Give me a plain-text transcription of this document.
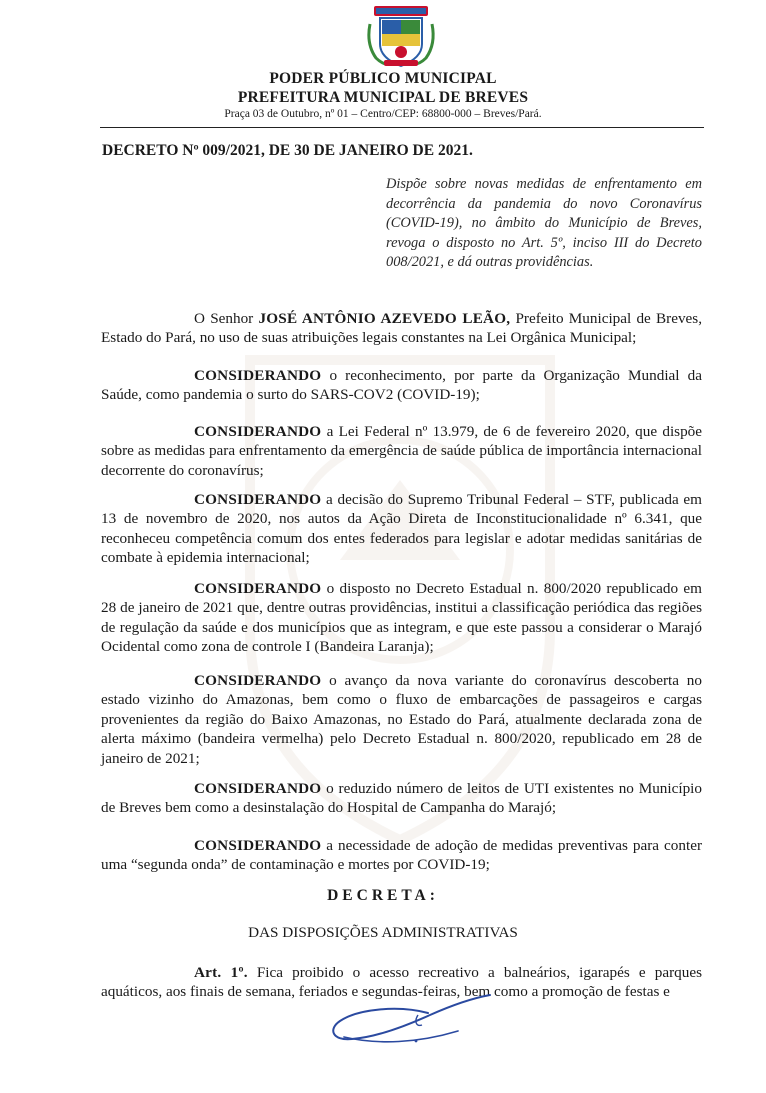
PODER PÚBLICO MUNICIPAL
PREFEITURA MUNICIPAL DE BREVES
Praça 03 de Outubro, nº 01 – Centro/CEP: 68800-000 – Breves/Pará.
DECRETO Nº 009/2021, DE 30 DE JANEIRO DE 2021.
Dispõe sobre novas medidas de enfrentamento em decorrência da pandemia do novo Coronavírus (COVID-19), no âmbito do Município de Breves, revoga o disposto no Art. 5º, inciso III do Decreto 008/2021, e dá outras providências.
O Senhor JOSÉ ANTÔNIO AZEVEDO LEÃO, Prefeito Municipal de Breves, Estado do Pará, no uso de suas atribuições legais constantes na Lei Orgânica Municipal;
CONSIDERANDO o reconhecimento, por parte da Organização Mundial da Saúde, como pandemia o surto do SARS-COV2 (COVID-19);
CONSIDERANDO a Lei Federal nº 13.979, de 6 de fevereiro 2020, que dispõe sobre as medidas para enfrentamento da emergência de saúde pública de importância internacional decorrente do coronavírus;
CONSIDERANDO a decisão do Supremo Tribunal Federal – STF, publicada em 13 de novembro de 2020, nos autos da Ação Direta de Inconstitucionalidade nº 6.341, que reconheceu competência comum dos entes federados para legislar e adotar medidas sanitárias de combate à epidemia internacional;
CONSIDERANDO o disposto no Decreto Estadual n. 800/2020 republicado em 28 de janeiro de 2021 que, dentre outras providências, institui a classificação periódica das regiões de regulação da saúde e dos municípios que as integram, e que este passou a considerar o Marajó Ocidental como zona de controle I (Bandeira Laranja);
CONSIDERANDO o avanço da nova variante do coronavírus descoberta no estado vizinho do Amazonas, bem como o fluxo de embarcações de passageiros e cargas provenientes da região do Baixo Amazonas, no Estado do Pará, atualmente declarada zona de alerta máximo (bandeira vermelha) pelo Decreto Estadual n. 800/2020, republicado em 28 de janeiro de 2021;
CONSIDERANDO o reduzido número de leitos de UTI existentes no Município de Breves bem como a desinstalação do Hospital de Campanha do Marajó;
CONSIDERANDO a necessidade de adoção de medidas preventivas para conter uma “segunda onda” de contaminação e mortes por COVID-19;
DECRETA:
DAS DISPOSIÇÕES ADMINISTRATIVAS
Art. 1º. Fica proibido o acesso recreativo a balneários, igarapés e parques aquáticos, aos finais de semana, feriados e segundas-feiras, bem como a promoção de festas e
